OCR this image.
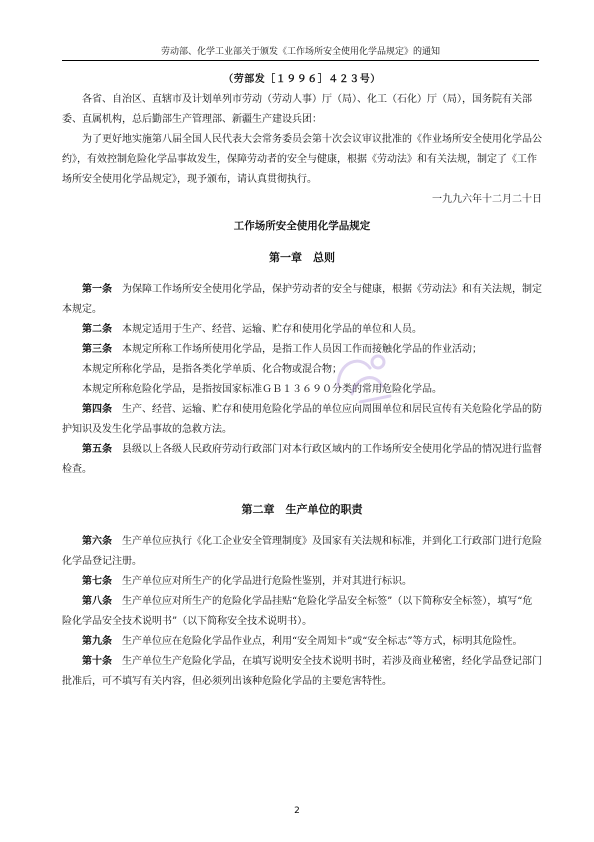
劳动部、化学工业部关于颁发《工作场所安全使用化学品规定》的通知

（劳部发［１９９６］４２３号）

各省、自治区、直辖市及计划单列市劳动（劳动人事）厅（局）、化工（石化）厅（局），国务院有关部委、直属机构，总后勤部生产管理部、新疆生产建设兵团：

为了更好地实施第八届全国人民代表大会常务委员会第十次会议审议批准的《作业场所安全使用化学品公约》，有效控制危险化学品事故发生，保障劳动者的安全与健康，根据《劳动法》和有关法规，制定了《工作场所安全使用化学品规定》，现予颁布，请认真贯彻执行。

一九九六年十二月二十日

工作场所安全使用化学品规定

第一章　总则

第一条　 为保障工作场所安全使用化学品，保护劳动者的安全与健康，根据《劳动法》和有关法规，制定本规定。

第二条　 本规定适用于生产、经营、运输、贮存和使用化学品的单位和人员。

第三条　 本规定所称工作场所使用化学品，是指工作人员因工作而接触化学品的作业活动；

本规定所称化学品，是指各类化学单质、化合物或混合物；

本规定所称危险化学品，是指按国家标准ＧＢ１３６９０分类的常用危险化学品。

第四条　 生产、经营、运输、贮存和使用危险化学品的单位应向周围单位和居民宣传有关危险化学品的防护知识及发生化学品事故的急救方法。

第五条　 县级以上各级人民政府劳动行政部门对本行政区域内的工作场所安全使用化学品的情况进行监督检查。

第二章　生产单位的职责

第六条　 生产单位应执行《化工企业安全管理制度》及国家有关法规和标准，并到化工行政部门进行危险化学品登记注册。

第七条　 生产单位应对所生产的化学品进行危险性鉴别，并对其进行标识。

第八条　 生产单位应对所生产的危险化学品挂贴“危险化学品安全标签”（以下简称安全标签），填写“危险化学品安全技术说明书”（以下简称安全技术说明书）。

第九条　 生产单位应在危险化学品作业点，利用“安全周知卡”或“安全标志”等方式，标明其危险性。

第十条　 生产单位生产危险化学品，在填写说明安全技术说明书时，若涉及商业秘密，经化学品登记部门批准后，可不填写有关内容，但必须列出该种危险化学品的主要危害特性。

2
